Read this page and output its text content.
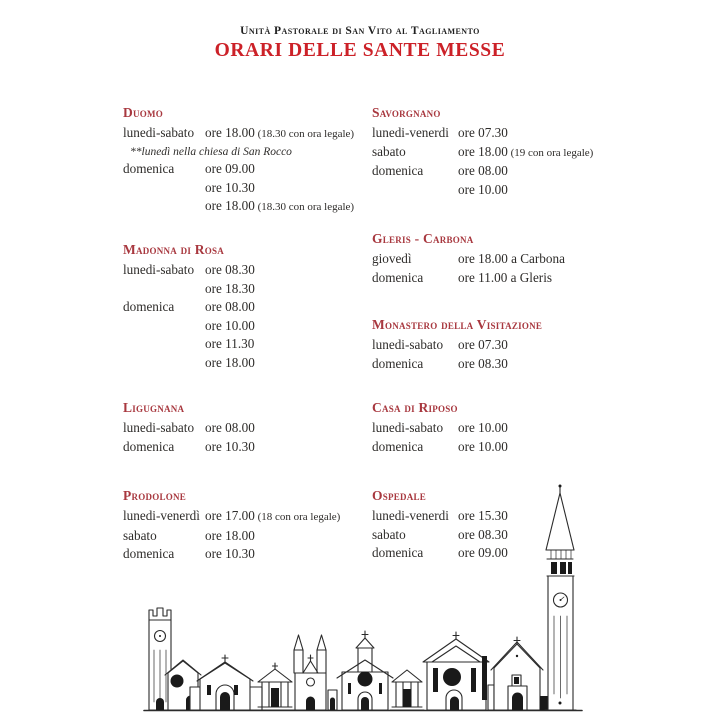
Unità Pastorale di San Vito al Tagliamento
ORARI DELLE SANTE MESSE
Duomo
lunedi-sabato ore 18.00 (18.30 con ora legale)
**lunedì nella chiesa di San Rocco
domenica	ore 09.00
ore 10.30
ore 18.00 (18.30 con ora legale)
Madonna di Rosa
lunedi-sabato ore 08.30
ore 18.30
domenica	ore 08.00
ore 10.00
ore 11.30
ore 18.00
Ligugnana
lunedi-sabato ore 08.00
domenica	ore 10.30
Prodolone
lunedi-venerdì ore 17.00 (18 con ora legale)
sabato	ore 18.00
domenica	ore 10.30
Savorgnano
lunedi-venerdi ore 07.30
sabato	ore 18.00 (19 con ora legale)
domenica	ore 08.00
ore 10.00
Gleris - Carbona
giovedì	ore 18.00 a Carbona
domenica	ore 11.00 a Gleris
Monastero della Visitazione
lunedi-sabato	ore 07.30
domenica	ore 08.30
Casa di Riposo
lunedi-sabato	ore 10.00
domenica	ore 10.00
Ospedale
lunedi-venerdi ore 15.30
sabato	ore 08.30
domenica	ore 09.00
